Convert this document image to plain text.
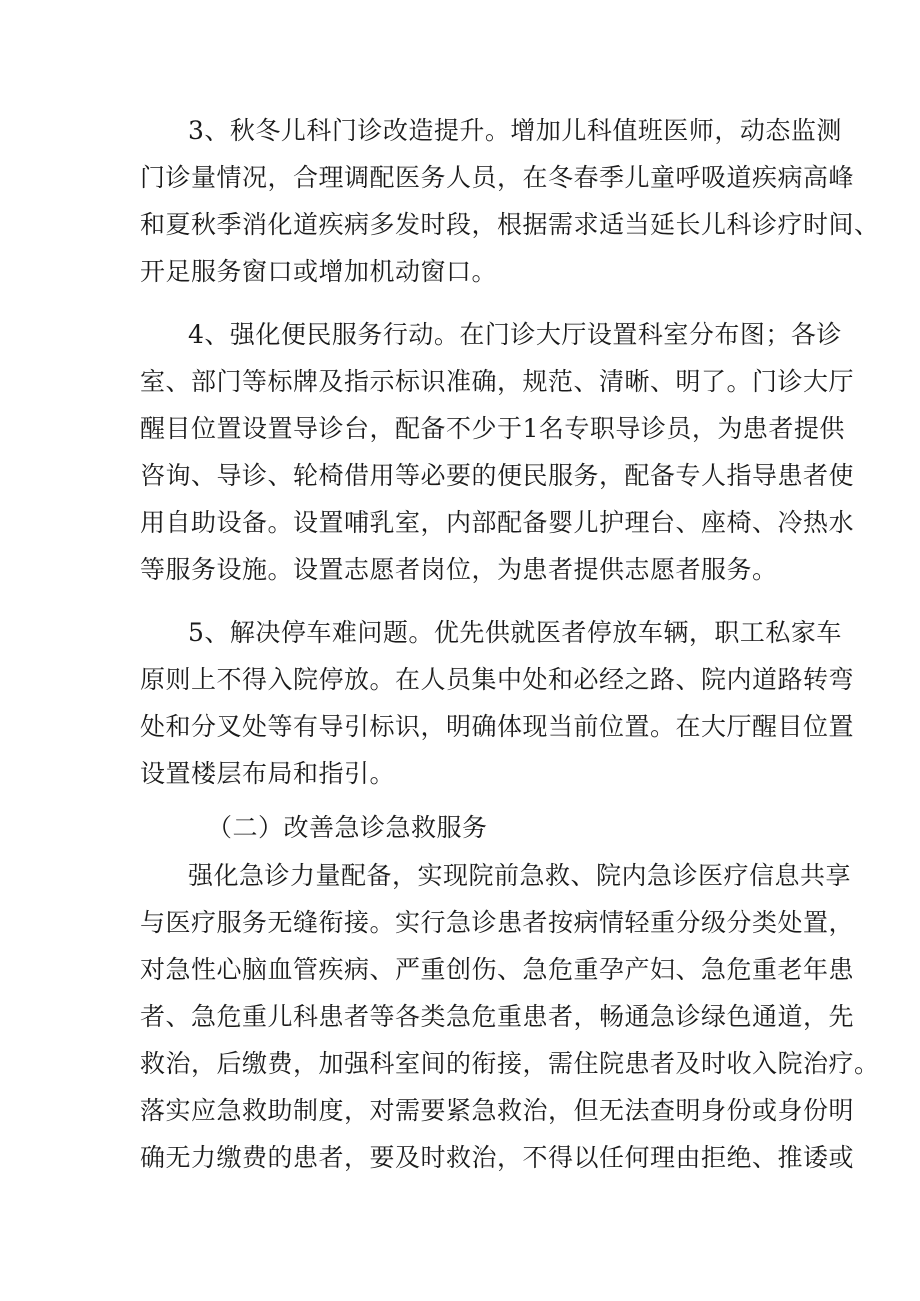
3、秋冬儿科门诊改造提升。增加儿科值班医师，动态监测
门诊量情况，合理调配医务人员，在冬春季儿童呼吸道疾病高峰
和夏秋季消化道疾病多发时段，根据需求适当延长儿科诊疗时间、
开足服务窗口或增加机动窗口。
4、强化便民服务行动。在门诊大厅设置科室分布图；各诊
室、部门等标牌及指示标识准确，规范、清晰、明了。门诊大厅
醒目位置设置导诊台，配备不少于1名专职导诊员，为患者提供
咨询、导诊、轮椅借用等必要的便民服务，配备专人指导患者使
用自助设备。设置哺乳室，内部配备婴儿护理台、座椅、冷热水
等服务设施。设置志愿者岗位，为患者提供志愿者服务。
5、解决停车难问题。优先供就医者停放车辆，职工私家车
原则上不得入院停放。在人员集中处和必经之路、院内道路转弯
处和分叉处等有导引标识，明确体现当前位置。在大厅醒目位置
设置楼层布局和指引。
（二）改善急诊急救服务
强化急诊力量配备，实现院前急救、院内急诊医疗信息共享
与医疗服务无缝衔接。实行急诊患者按病情轻重分级分类处置，
对急性心脑血管疾病、严重创伤、急危重孕产妇、急危重老年患
者、急危重儿科患者等各类急危重患者，畅通急诊绿色通道，先
救治，后缴费，加强科室间的衔接，需住院患者及时收入院治疗。
落实应急救助制度，对需要紧急救治，但无法查明身份或身份明
确无力缴费的患者，要及时救治，不得以任何理由拒绝、推诿或
